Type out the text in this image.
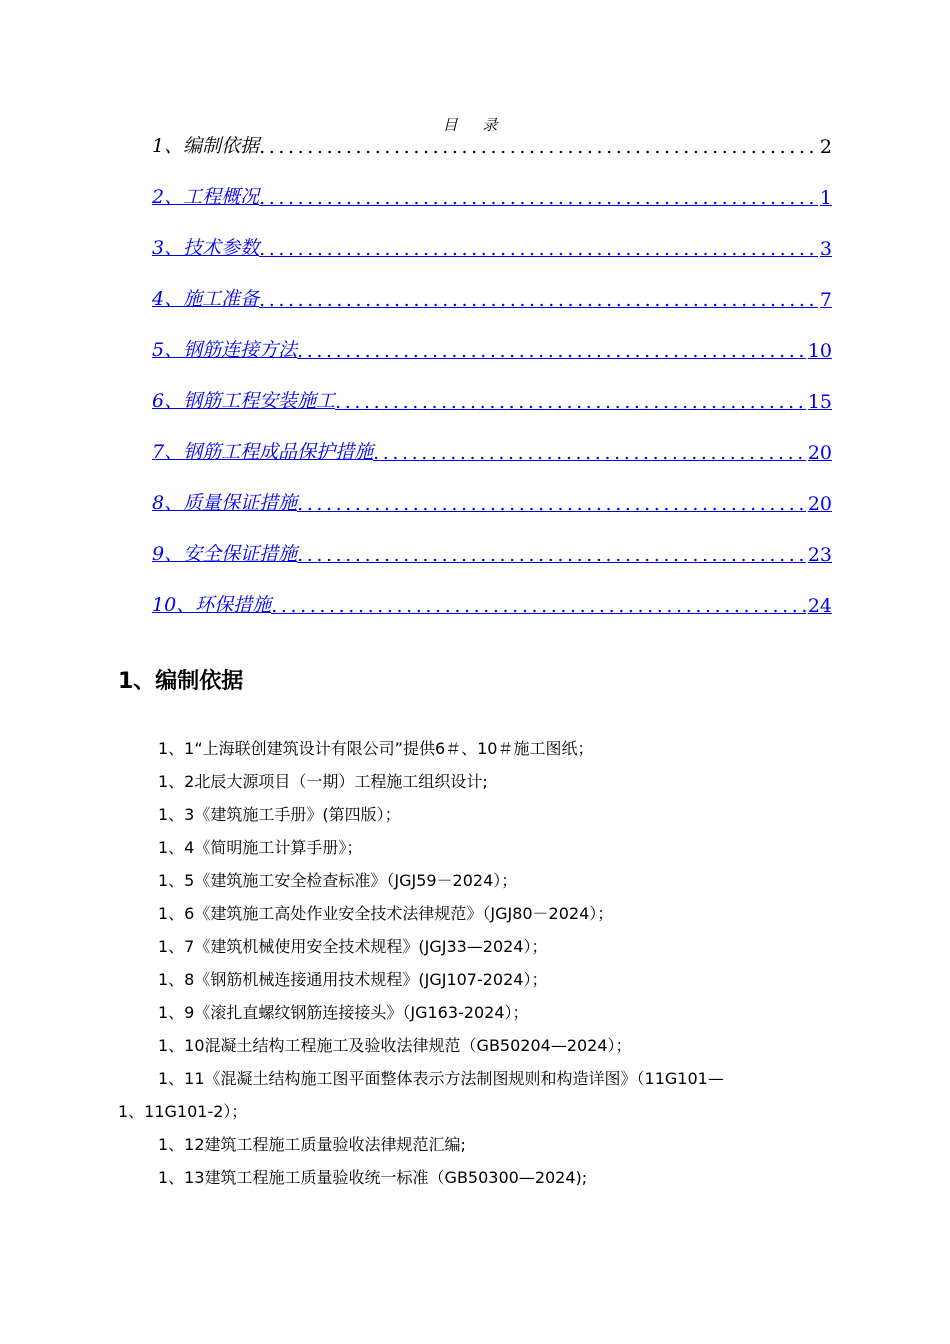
目 录
1、编制依据 .....	2
2、工程概况 .....	1
3、技术参数 .....	3
4、施工准备 .....	7
5、钢筋连接方法 .....	10
6、钢筋工程安装施工 .....	15
7、钢筋工程成品保护措施 .....	20
8、质量保证措施 .....	20
9、安全保证措施 .....	23
10、环保措施 .....	24
1、编制依据
1、1“上海联创建筑设计有限公司”提供6＃、10＃施工图纸；
1、2北辰大源项目（一期）工程施工组织设计;
1、3《建筑施工手册》(第四版）；
1、4《简明施工计算手册》；
1、5《建筑施工安全检查标准》（JGJ59－2024）；
1、6《建筑施工高处作业安全技术法律规范》（JGJ80－2024）；
1、7《建筑机械使用安全技术规程》(JGJ33—2024）；
1、8《钢筋机械连接通用技术规程》(JGJ107-2024）；
1、9《滚扎直螺纹钢筋连接接头》（JG163-2024）；
1、10混凝土结构工程施工及验收法律规范（GB50204—2024）；
1、11《混凝土结构施工图平面整体表示方法制图规则和构造详图》（11G101—
1、11G101-2）；
1、12建筑工程施工质量验收法律规范汇编;
1、13建筑工程施工质量验收统一标准（GB50300—2024);
